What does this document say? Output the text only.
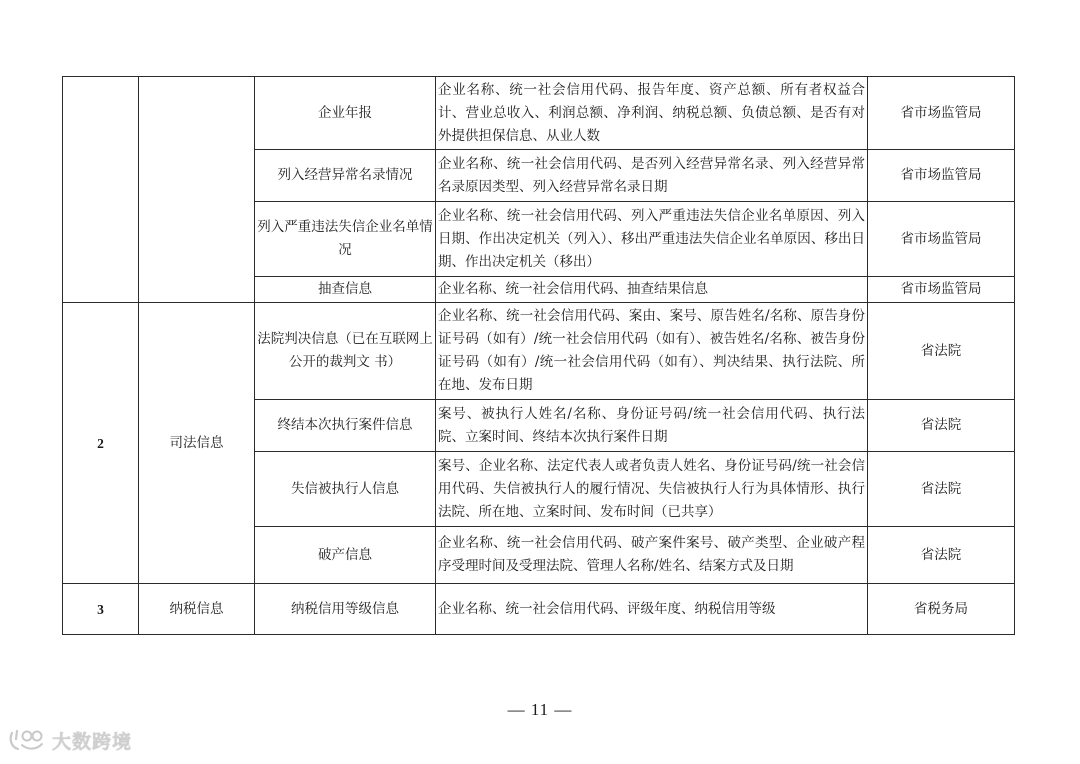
		企业年报	企业名称、统一社会信用代码、报告年度、资产总额、所有者权益合计、营业总收入、利润总额、净利润、纳税总额、负债总额、是否有对外提供担保信息、从业人数	省市场监管局
		列入经营异常名录情况	企业名称、统一社会信用代码、是否列入经营异常名录、列入经营异常名录原因类型、列入经营异常名录日期	省市场监管局
		列入严重违法失信企业名单情况	企业名称、统一社会信用代码、列入严重违法失信企业名单原因、列入日期、作出决定机关（列入）、移出严重违法失信企业名单原因、移出日期、作出决定机关（移出）	省市场监管局
		抽查信息	企业名称、统一社会信用代码、抽查结果信息	省市场监管局
2	司法信息	法院判决信息（已在互联网上公开的裁判文 书）	企业名称、统一社会信用代码、案由、案号、原告姓名/名称、原告身份证号码（如有）/统一社会信用代码（如有）、被告姓名/名称、被告身份证号码（如有）/统一社会信用代码（如有）、判决结果、执行法院、所在地、发布日期	省法院
		终结本次执行案件信息	案号、被执行人姓名/名称、身份证号码/统一社会信用代码、执行法院、立案时间、终结本次执行案件日期	省法院
		失信被执行人信息	案号、企业名称、法定代表人或者负责人姓名、身份证号码/统一社会信用代码、失信被执行人的履行情况、失信被执行人行为具体情形、执行法院、所在地、立案时间、发布时间（已共享）	省法院
		破产信息	企业名称、统一社会信用代码、破产案件案号、破产类型、企业破产程序受理时间及受理法院、管理人名称/姓名、结案方式及日期	省法院
3	纳税信息	纳税信用等级信息	企业名称、统一社会信用代码、评级年度、纳税信用等级	省税务局
— 11 —
大数跨境
